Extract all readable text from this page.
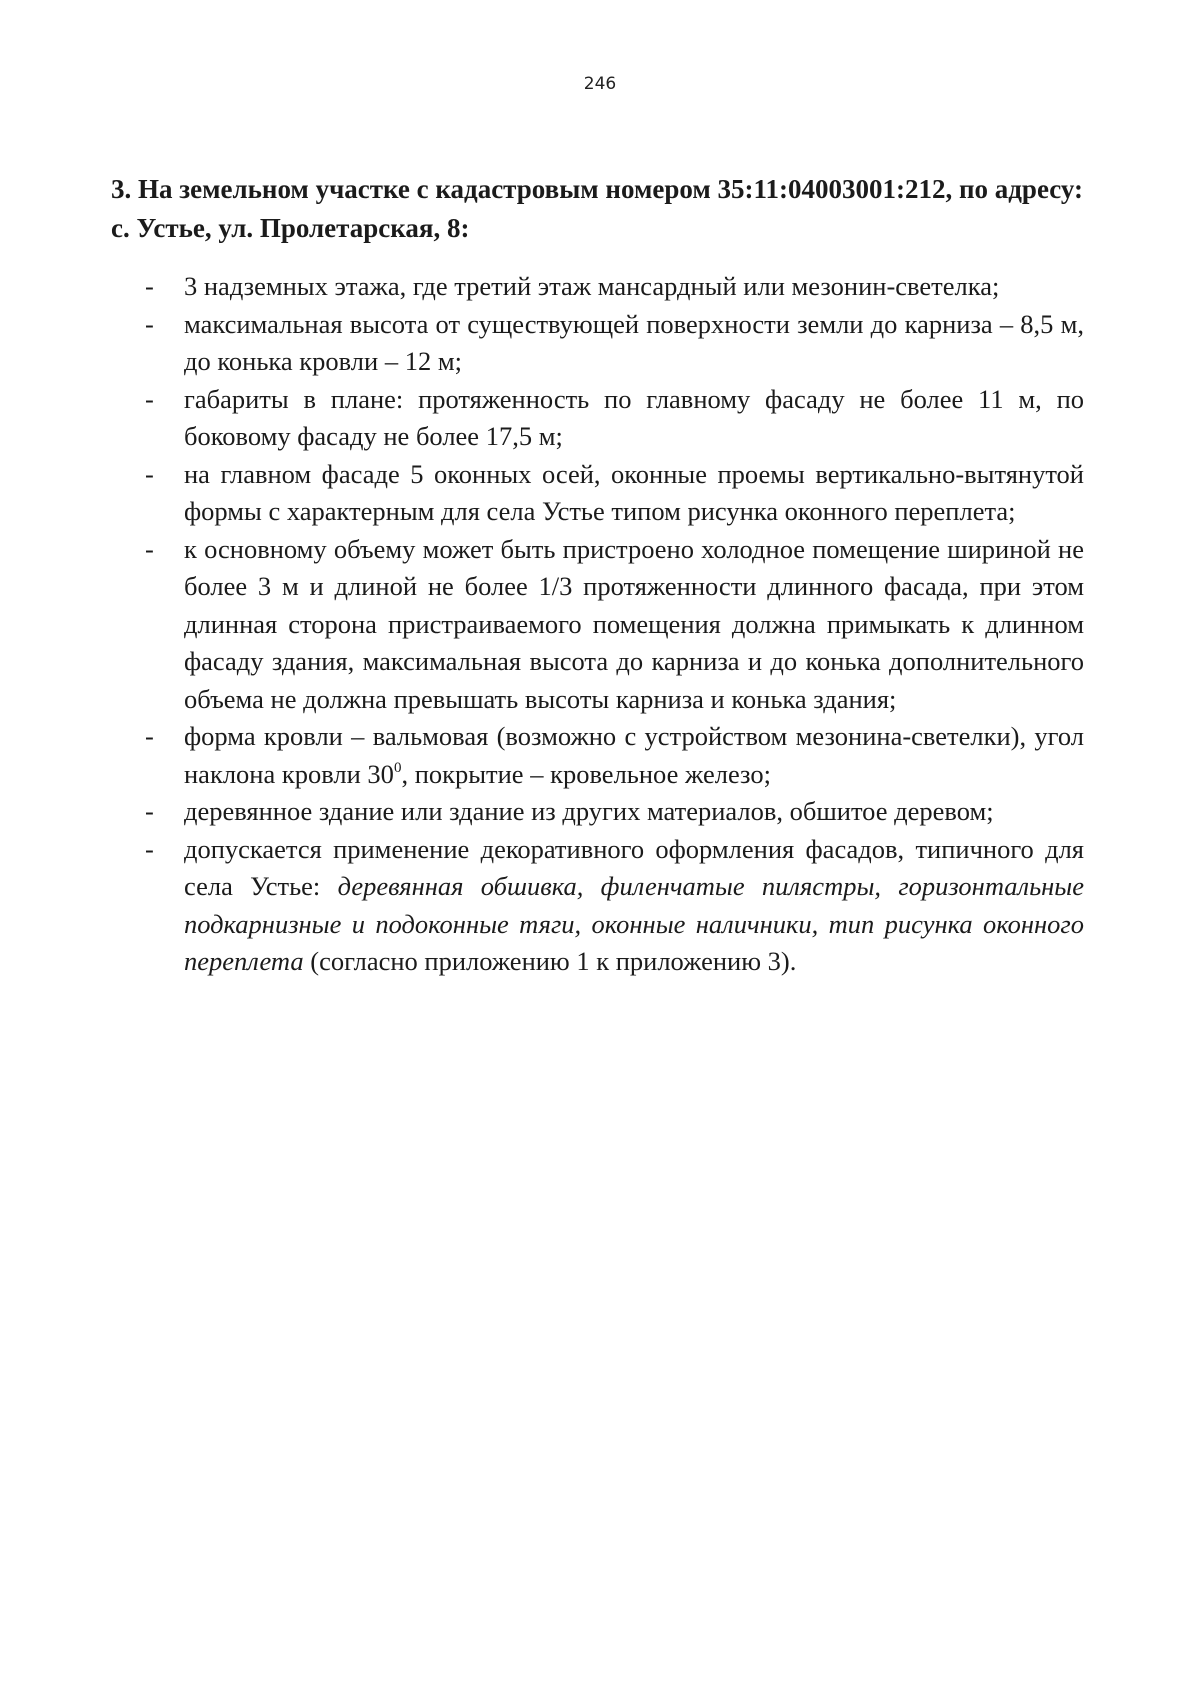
246

3. На земельном участке с кадастровым номером 35:11:04003001:212, по адресу: с. Устье, ул. Пролетарская, 8:

- 3 надземных этажа, где третий этаж мансардный или мезонин-светелка;
- максимальная высота от существующей поверхности земли до карниза – 8,5 м, до конька кровли – 12 м;
- габариты в плане: протяженность по главному фасаду не более 11 м, по боковому фасаду не более 17,5 м;
- на главном фасаде 5 оконных осей, оконные проемы вертикально-вытянутой формы с характерным для села Устье типом рисунка оконного переплета;
- к основному объему может быть пристроено холодное помещение шириной не более 3 м и длиной не более 1/3 протяженности длинного фасада, при этом длинная сторона пристраиваемого помещения должна примыкать к длинном фасаду здания, максимальная высота до карниза и до конька дополнительного объема не должна превышать высоты карниза и конька здания;
- форма кровли – вальмовая (возможно с устройством мезонина-светелки), угол наклона кровли $30^0$, покрытие – кровельное железо;
- деревянное здание или здание из других материалов, обшитое деревом;
- допускается применение декоративного оформления фасадов, типичного для села Устье: деревянная обшивка, филенчатые пилястры, горизонтальные подкарнизные и подоконные тяги, оконные наличники, тип рисунка оконного переплета (согласно приложению 1 к приложению 3).
